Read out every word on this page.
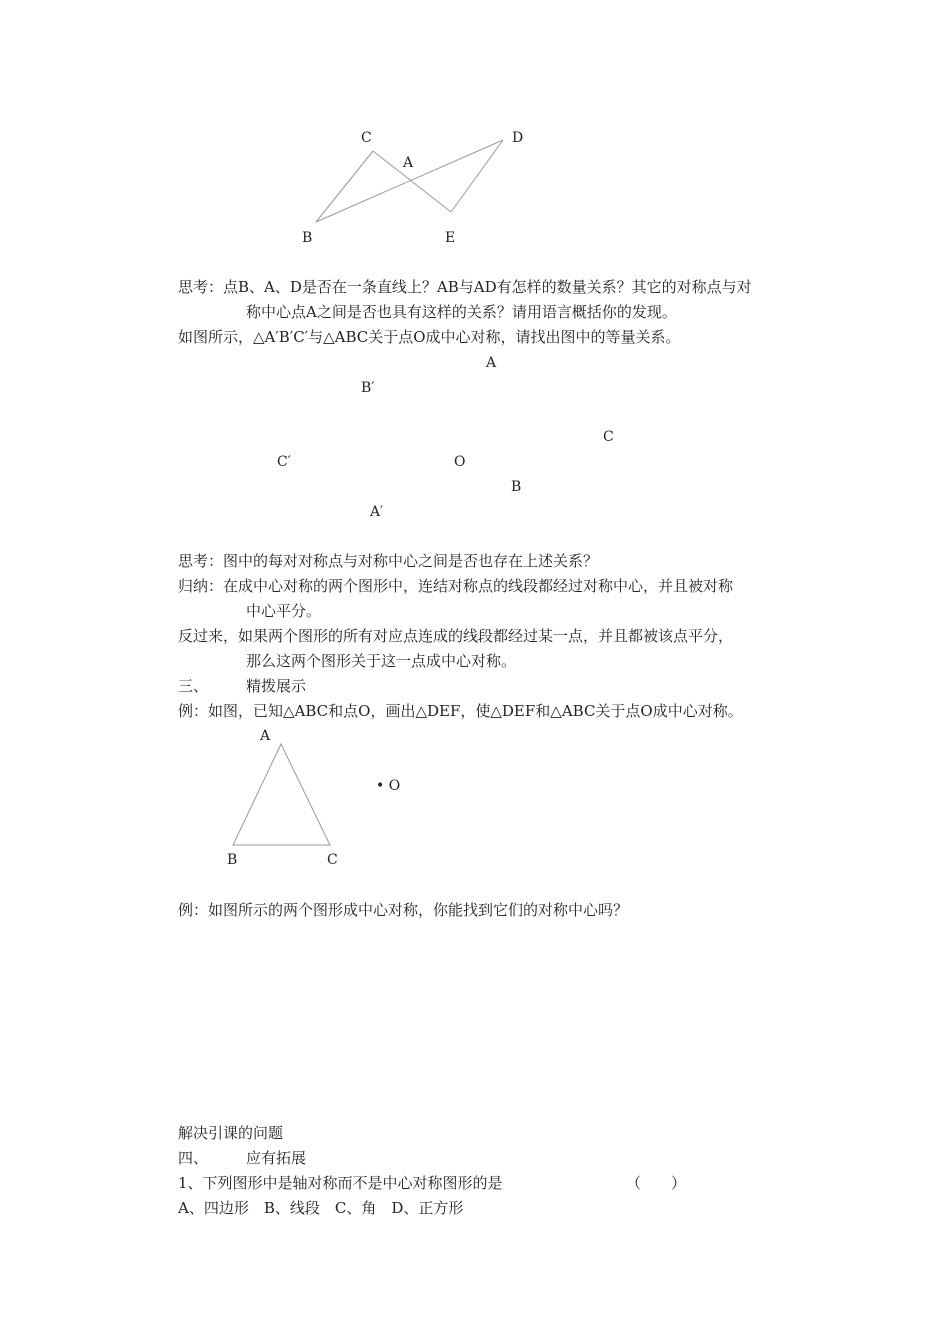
C	D
A
B	E
思考：点B、A、D是否在一条直线上？AB与AD有怎样的数量关系？其它的对称点与对
称中心点A之间是否也具有这样的关系？请用语言概括你的发现。
如图所示，△A′B′C′与△ABC关于点O成中心对称，请找出图中的等量关系。
A
B′
C
C′	O
B
A′
思考：图中的每对对称点与对称中心之间是否也存在上述关系？
归纳：在成中心对称的两个图形中，连结对称点的线段都经过对称中心，并且被对称
中心平分。
反过来，如果两个图形的所有对应点连成的线段都经过某一点，并且都被该点平分，
那么这两个图形关于这一点成中心对称。
三、	精拨展示
例：如图，已知△ABC和点O，画出△DEF，使△DEF和△ABC关于点O成中心对称。
A
• O
B	C
例：如图所示的两个图形成中心对称，你能找到它们的对称中心吗？
解决引课的问题
四、	应有拓展
1、下列图形中是轴对称而不是中心对称图形的是	（　　）
A、四边形　B、线段　C、角　D、正方形
